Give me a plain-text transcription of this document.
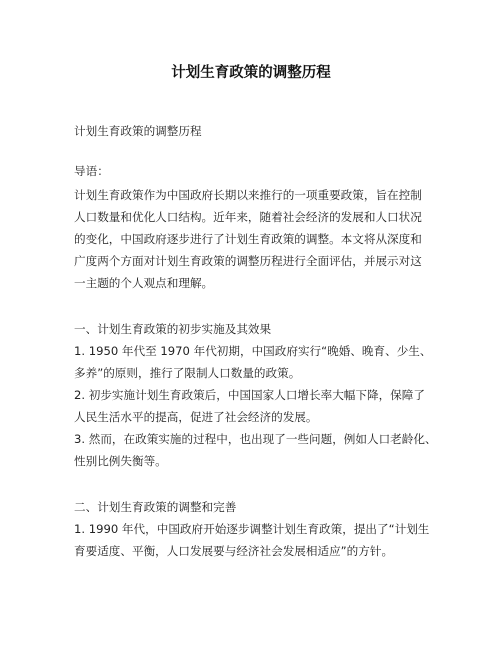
计划生育政策的调整历程
计划生育政策的调整历程
导语：
计划生育政策作为中国政府长期以来推行的一项重要政策，旨在控制
人口数量和优化人口结构。近年来，随着社会经济的发展和人口状况
的变化，中国政府逐步进行了计划生育政策的调整。本文将从深度和
广度两个方面对计划生育政策的调整历程进行全面评估，并展示对这
一主题的个人观点和理解。
一、计划生育政策的初步实施及其效果
1. 1950 年代至 1970 年代初期，中国政府实行“晚婚、晚育、少生、
多养”的原则，推行了限制人口数量的政策。
2. 初步实施计划生育政策后，中国国家人口增长率大幅下降，保障了
人民生活水平的提高，促进了社会经济的发展。
3. 然而，在政策实施的过程中，也出现了一些问题，例如人口老龄化、
性别比例失衡等。
二、计划生育政策的调整和完善
1. 1990 年代，中国政府开始逐步调整计划生育政策，提出了“计划生
育要适度、平衡，人口发展要与经济社会发展相适应”的方针。
